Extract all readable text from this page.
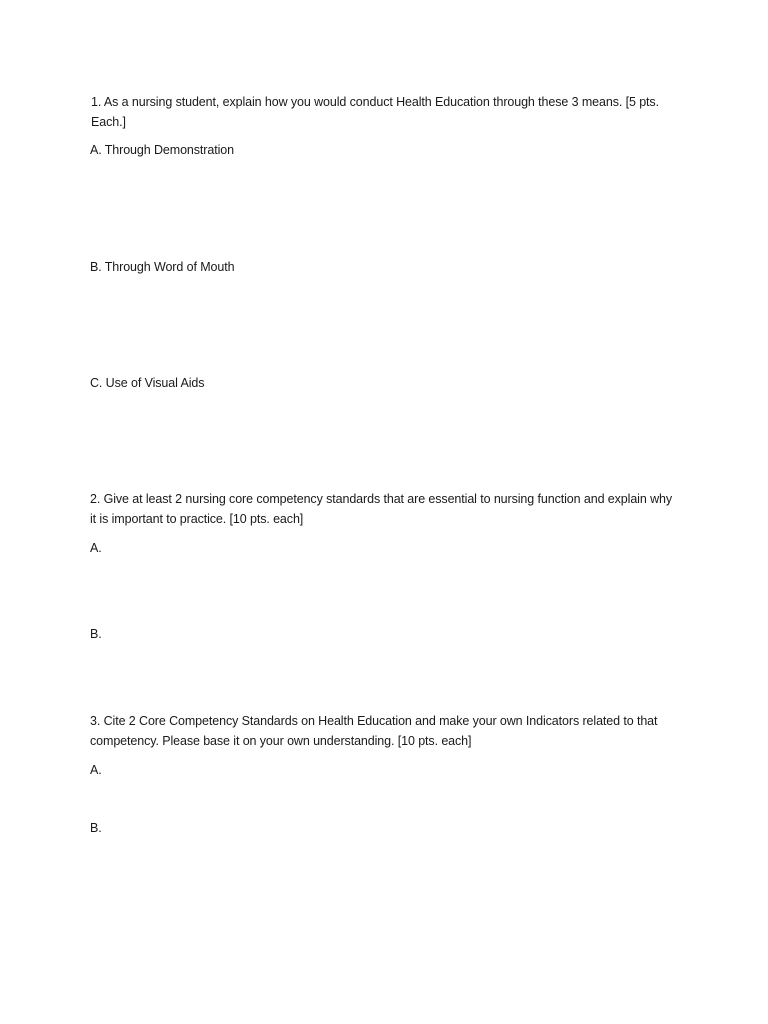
1. As a nursing student, explain how you would conduct Health Education through these 3 means. [5 pts. Each.]
A. Through Demonstration
B. Through Word of Mouth
C. Use of Visual Aids
2. Give at least 2 nursing core competency standards that are essential to nursing function and explain why it is important to practice. [10 pts. each]
A.
B.
3. Cite 2 Core Competency Standards on Health Education and make your own Indicators related to that competency. Please base it on your own understanding. [10 pts. each]
A.
B.
